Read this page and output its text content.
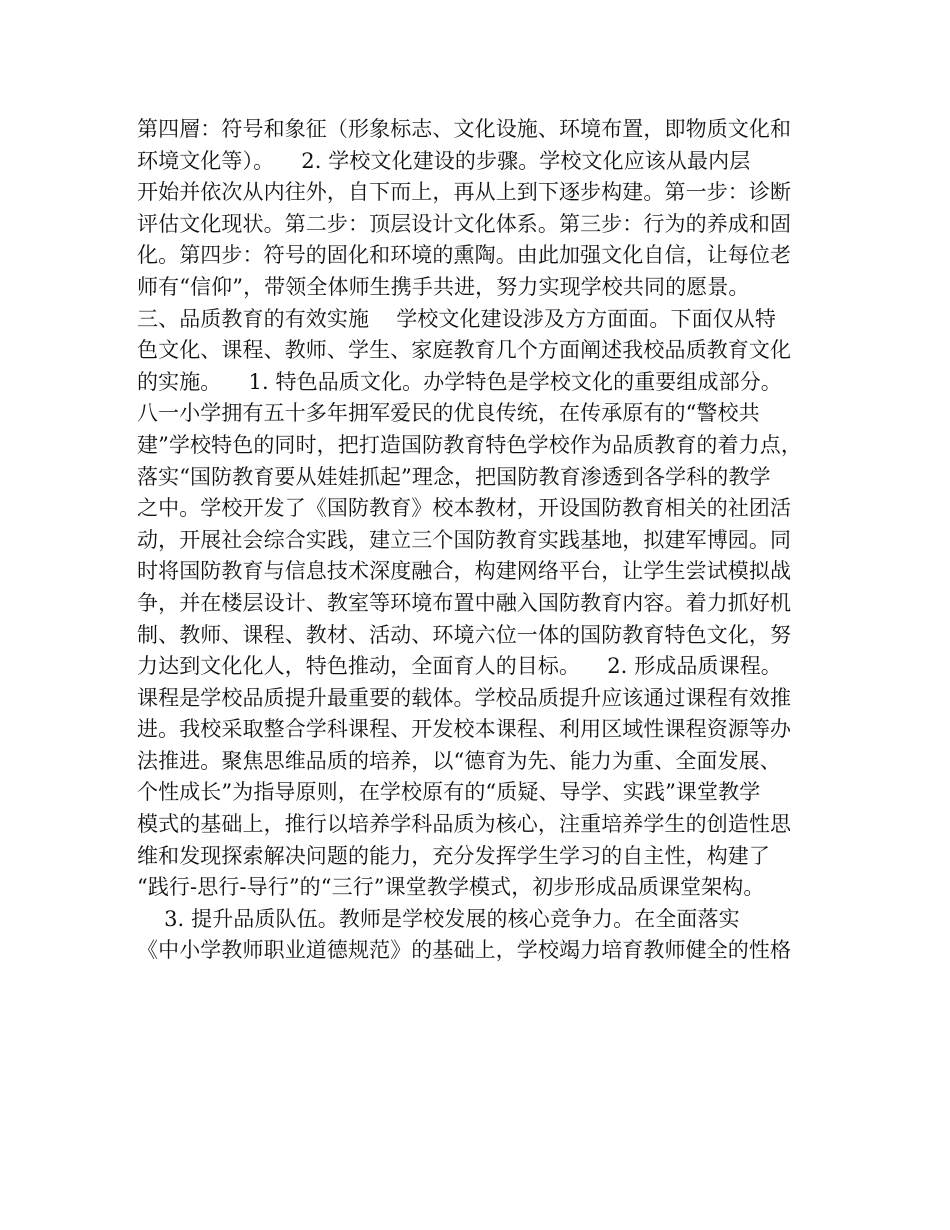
第四層：符号和象征（形象标志、文化设施、环境布置，即物质文化和
环境文化等）。    2. 学校文化建设的步骤。学校文化应该从最内层
开始并依次从内往外，自下而上，再从上到下逐步构建。第一步：诊断
评估文化现状。第二步：顶层设计文化体系。第三步：行为的养成和固
化。第四步：符号的固化和环境的熏陶。由此加强文化自信，让每位老
师有“信仰”，带领全体师生携手共进，努力实现学校共同的愿景。
三、品质教育的有效实施    学校文化建设涉及方方面面。下面仅从特
色文化、课程、教师、学生、家庭教育几个方面阐述我校品质教育文化
的实施。    1. 特色品质文化。办学特色是学校文化的重要组成部分。
八一小学拥有五十多年拥军爱民的优良传统，在传承原有的“警校共
建”学校特色的同时，把打造国防教育特色学校作为品质教育的着力点，
落实“国防教育要从娃娃抓起”理念，把国防教育渗透到各学科的教学
之中。学校开发了《国防教育》校本教材，开设国防教育相关的社团活
动，开展社会综合实践，建立三个国防教育实践基地，拟建军博园。同
时将国防教育与信息技术深度融合，构建网络平台，让学生尝试模拟战
争，并在楼层设计、教室等环境布置中融入国防教育内容。着力抓好机
制、教师、课程、教材、活动、环境六位一体的国防教育特色文化，努
力达到文化化人，特色推动，全面育人的目标。    2. 形成品质课程。
课程是学校品质提升最重要的载体。学校品质提升应该通过课程有效推
进。我校采取整合学科课程、开发校本课程、利用区域性课程资源等办
法推进。聚焦思维品质的培养，以“德育为先、能力为重、全面发展、
个性成长”为指导原则，在学校原有的“质疑、导学、实践”课堂教学
模式的基础上，推行以培养学科品质为核心，注重培养学生的创造性思
维和发现探索解决问题的能力，充分发挥学生学习的自主性，构建了
“践行-思行-导行”的“三行”课堂教学模式，初步形成品质课堂架构。
3. 提升品质队伍。教师是学校发展的核心竞争力。在全面落实
《中小学教师职业道德规范》的基础上，学校竭力培育教师健全的性格
